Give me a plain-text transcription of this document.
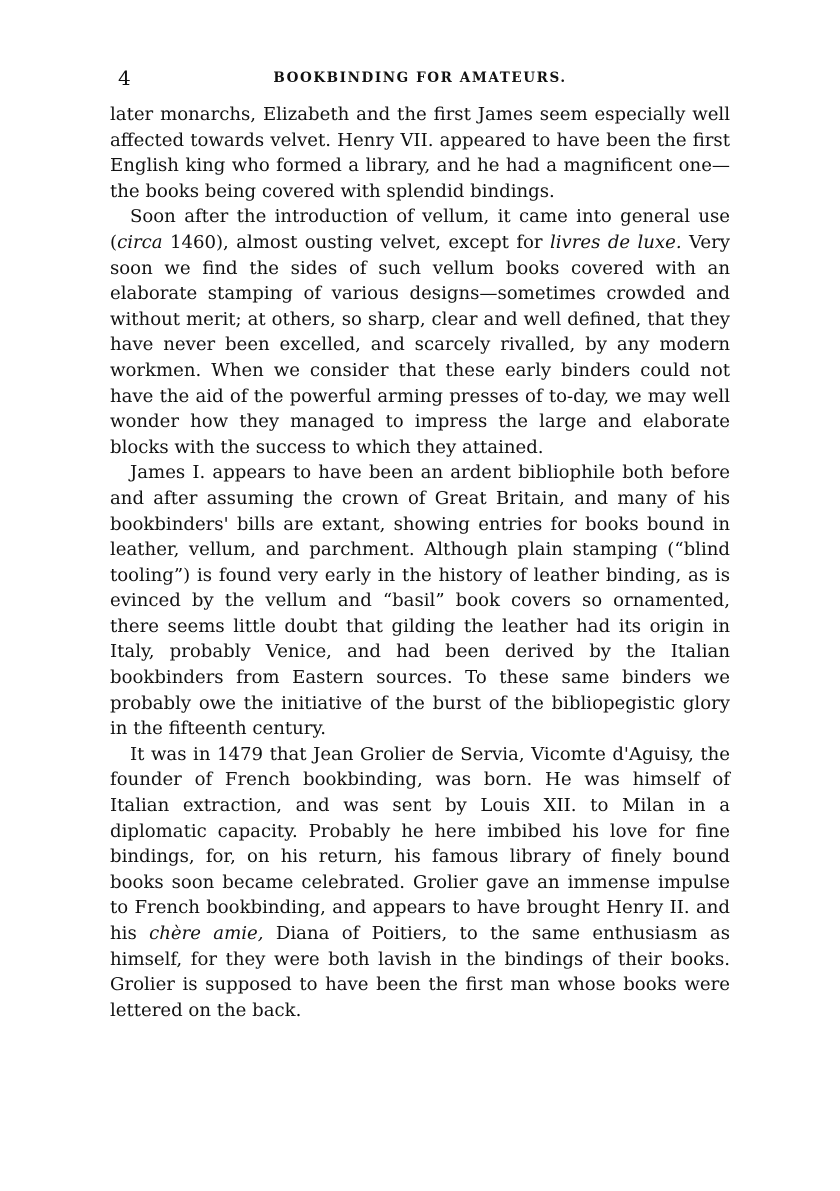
4	BOOKBINDING FOR AMATEURS.

later monarchs, Elizabeth and the first James seem especially well affected towards velvet. Henry VII. appeared to have been the first English king who formed a library, and he had a magnificent one—the books being covered with splendid bindings.

Soon after the introduction of vellum, it came into general use (circa 1460), almost ousting velvet, except for livres de luxe. Very soon we find the sides of such vellum books covered with an elaborate stamping of various designs—sometimes crowded and without merit; at others, so sharp, clear and well defined, that they have never been excelled, and scarcely rivalled, by any modern workmen. When we consider that these early binders could not have the aid of the powerful arming presses of to-day, we may well wonder how they managed to impress the large and elaborate blocks with the success to which they attained.

James I. appears to have been an ardent bibliophile both before and after assuming the crown of Great Britain, and many of his bookbinders' bills are extant, showing entries for books bound in leather, vellum, and parchment. Although plain stamping (“blind tooling”) is found very early in the history of leather binding, as is evinced by the vellum and “basil” book covers so ornamented, there seems little doubt that gilding the leather had its origin in Italy, probably Venice, and had been derived by the Italian bookbinders from Eastern sources. To these same binders we probably owe the initiative of the burst of the bibliopegistic glory in the fifteenth century.

It was in 1479 that Jean Grolier de Servia, Vicomte d'Aguisy, the founder of French bookbinding, was born. He was himself of Italian extraction, and was sent by Louis XII. to Milan in a diplomatic capacity. Probably he here imbibed his love for fine bindings, for, on his return, his famous library of finely bound books soon became celebrated. Grolier gave an immense impulse to French bookbinding, and appears to have brought Henry II. and his chère amie, Diana of Poitiers, to the same enthusiasm as himself, for they were both lavish in the bindings of their books. Grolier is supposed to have been the first man whose books were lettered on the back.
